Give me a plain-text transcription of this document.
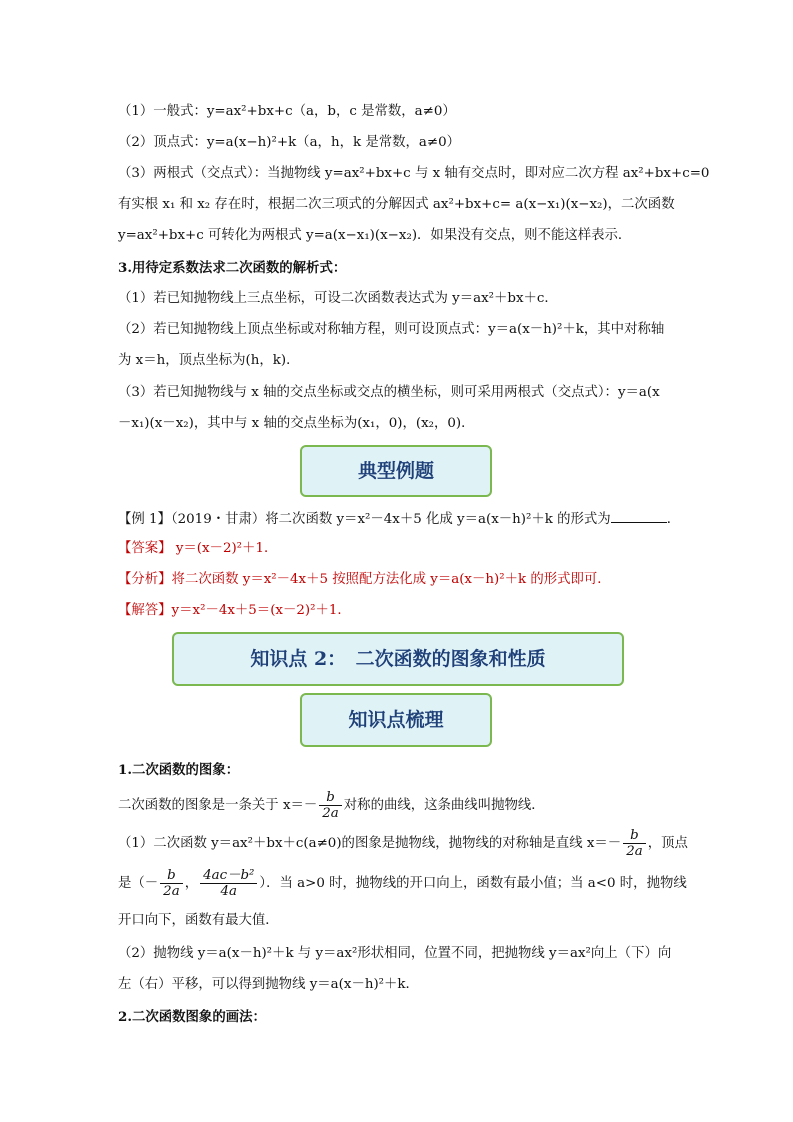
（1）一般式：y=ax²+bx+c（a，b，c 是常数，a≠0）
（2）顶点式：y=a(x−h)²+k（a，h，k 是常数，a≠0）
（3）两根式（交点式）：当抛物线 y=ax²+bx+c 与 x 轴有交点时，即对应二次方程 ax²+bx+c=0
有实根 x₁ 和 x₂ 存在时，根据二次三项式的分解因式 ax²+bx+c= a(x−x₁)(x−x₂)，二次函数
y=ax²+bx+c 可转化为两根式 y=a(x−x₁)(x−x₂)．如果没有交点，则不能这样表示．
3.用待定系数法求二次函数的解析式：
（1）若已知抛物线上三点坐标，可设二次函数表达式为 y＝ax²＋bx＋c．
（2）若已知抛物线上顶点坐标或对称轴方程，则可设顶点式：y＝a(x－h)²＋k，其中对称轴
为 x＝h，顶点坐标为(h，k)．
（3）若已知抛物线与 x 轴的交点坐标或交点的横坐标，则可采用两根式（交点式）：y＝a(x
－x₁)(x－x₂)，其中与 x 轴的交点坐标为(x₁，0)，(x₂，0)．
典型例题
【例 1】（2019・甘肃）将二次函数 y＝x²－4x＋5 化成 y＝a(x－h)²＋k 的形式为	．
【答案】 y＝(x－2)²＋1．
【分析】将二次函数 y＝x²－4x＋5 按照配方法化成 y＝a(x－h)²＋k 的形式即可．
【解答】y＝x²－4x＋5＝(x－2)²＋1．
知识点 2：　二次函数的图象和性质
知识点梳理
1.二次函数的图象：
二次函数的图象是一条关于 $x=- \frac{b}{2a}$ 对称的曲线，这条曲线叫抛物线．
（1）二次函数 y＝ax²＋bx＋c(a≠0)的图象是抛物线，抛物线的对称轴是直线 $x=- \frac{b}{2a}$ ，顶点
是（－ $\frac{b}{2a}$ ， $\frac{\text{4ac－b²}}{4a}$ ）．当 a>0 时，抛物线的开口向上，函数有最小值；当 a<0 时，抛物线
开口向下，函数有最大值．
（2）抛物线 y＝a(x－h)²＋k 与 y＝ax²形状相同，位置不同，把抛物线 y＝ax²向上（下）向
左（右）平移，可以得到抛物线 y＝a(x－h)²＋k．
2.二次函数图象的画法：
